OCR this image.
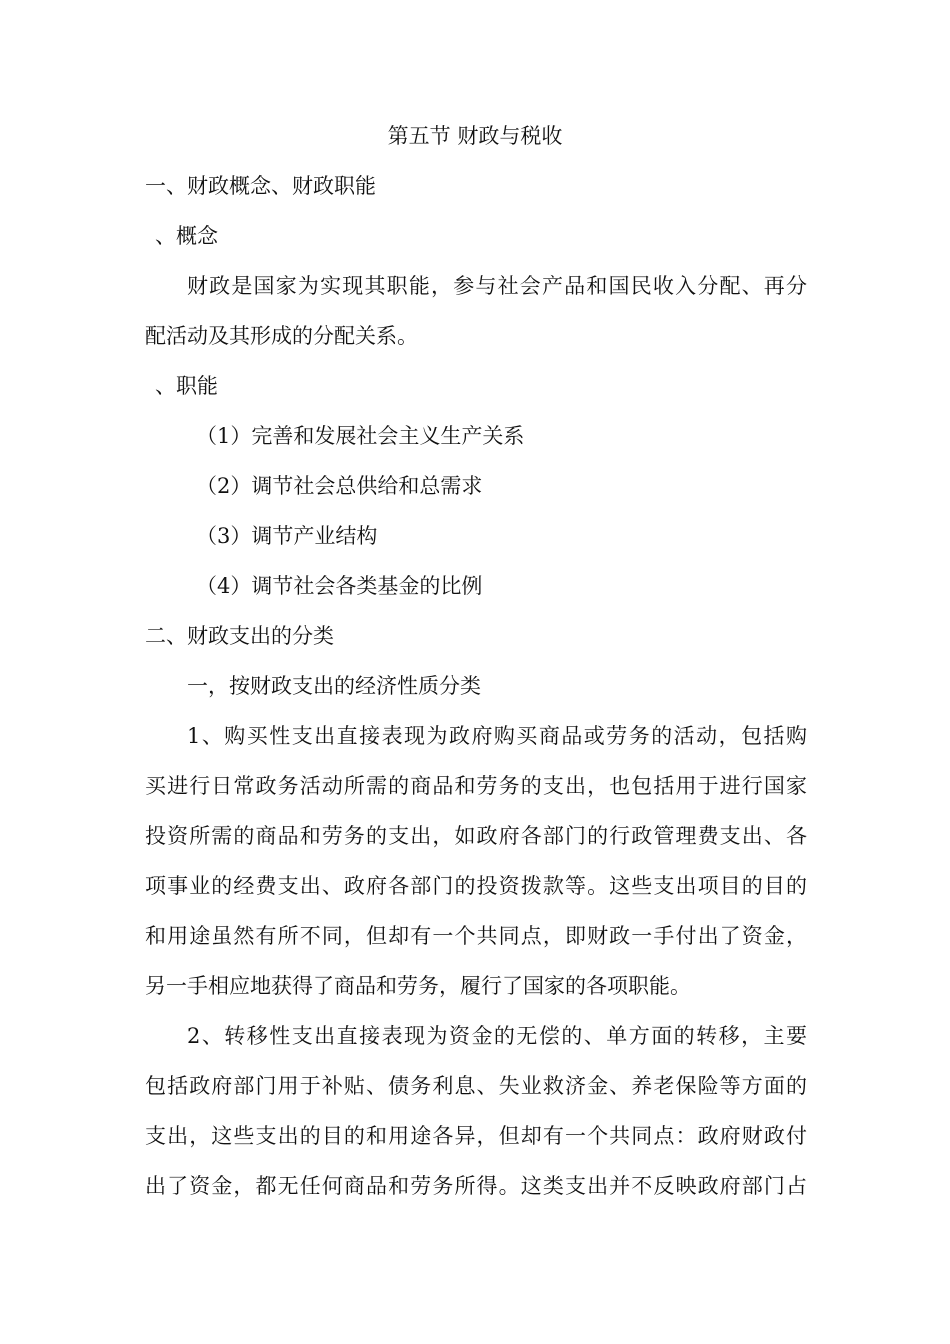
第五节 财政与税收

一、财政概念、财政职能

、概念

财政是国家为实现其职能，参与社会产品和国民收入分配、再分

配活动及其形成的分配关系。

、职能

（1）完善和发展社会主义生产关系

（2）调节社会总供给和总需求

（3）调节产业结构

（4）调节社会各类基金的比例

二、财政支出的分类

一，按财政支出的经济性质分类

1、购买性支出直接表现为政府购买商品或劳务的活动，包括购

买进行日常政务活动所需的商品和劳务的支出，也包括用于进行国家

投资所需的商品和劳务的支出，如政府各部门的行政管理费支出、各

项事业的经费支出、政府各部门的投资拨款等。这些支出项目的目的

和用途虽然有所不同，但却有一个共同点，即财政一手付出了资金，

另一手相应地获得了商品和劳务，履行了国家的各项职能。

2、转移性支出直接表现为资金的无偿的、单方面的转移，主要

包括政府部门用于补贴、债务利息、失业救济金、养老保险等方面的

支出，这些支出的目的和用途各异，但却有一个共同点：政府财政付

出了资金，都无任何商品和劳务所得。这类支出并不反映政府部门占
